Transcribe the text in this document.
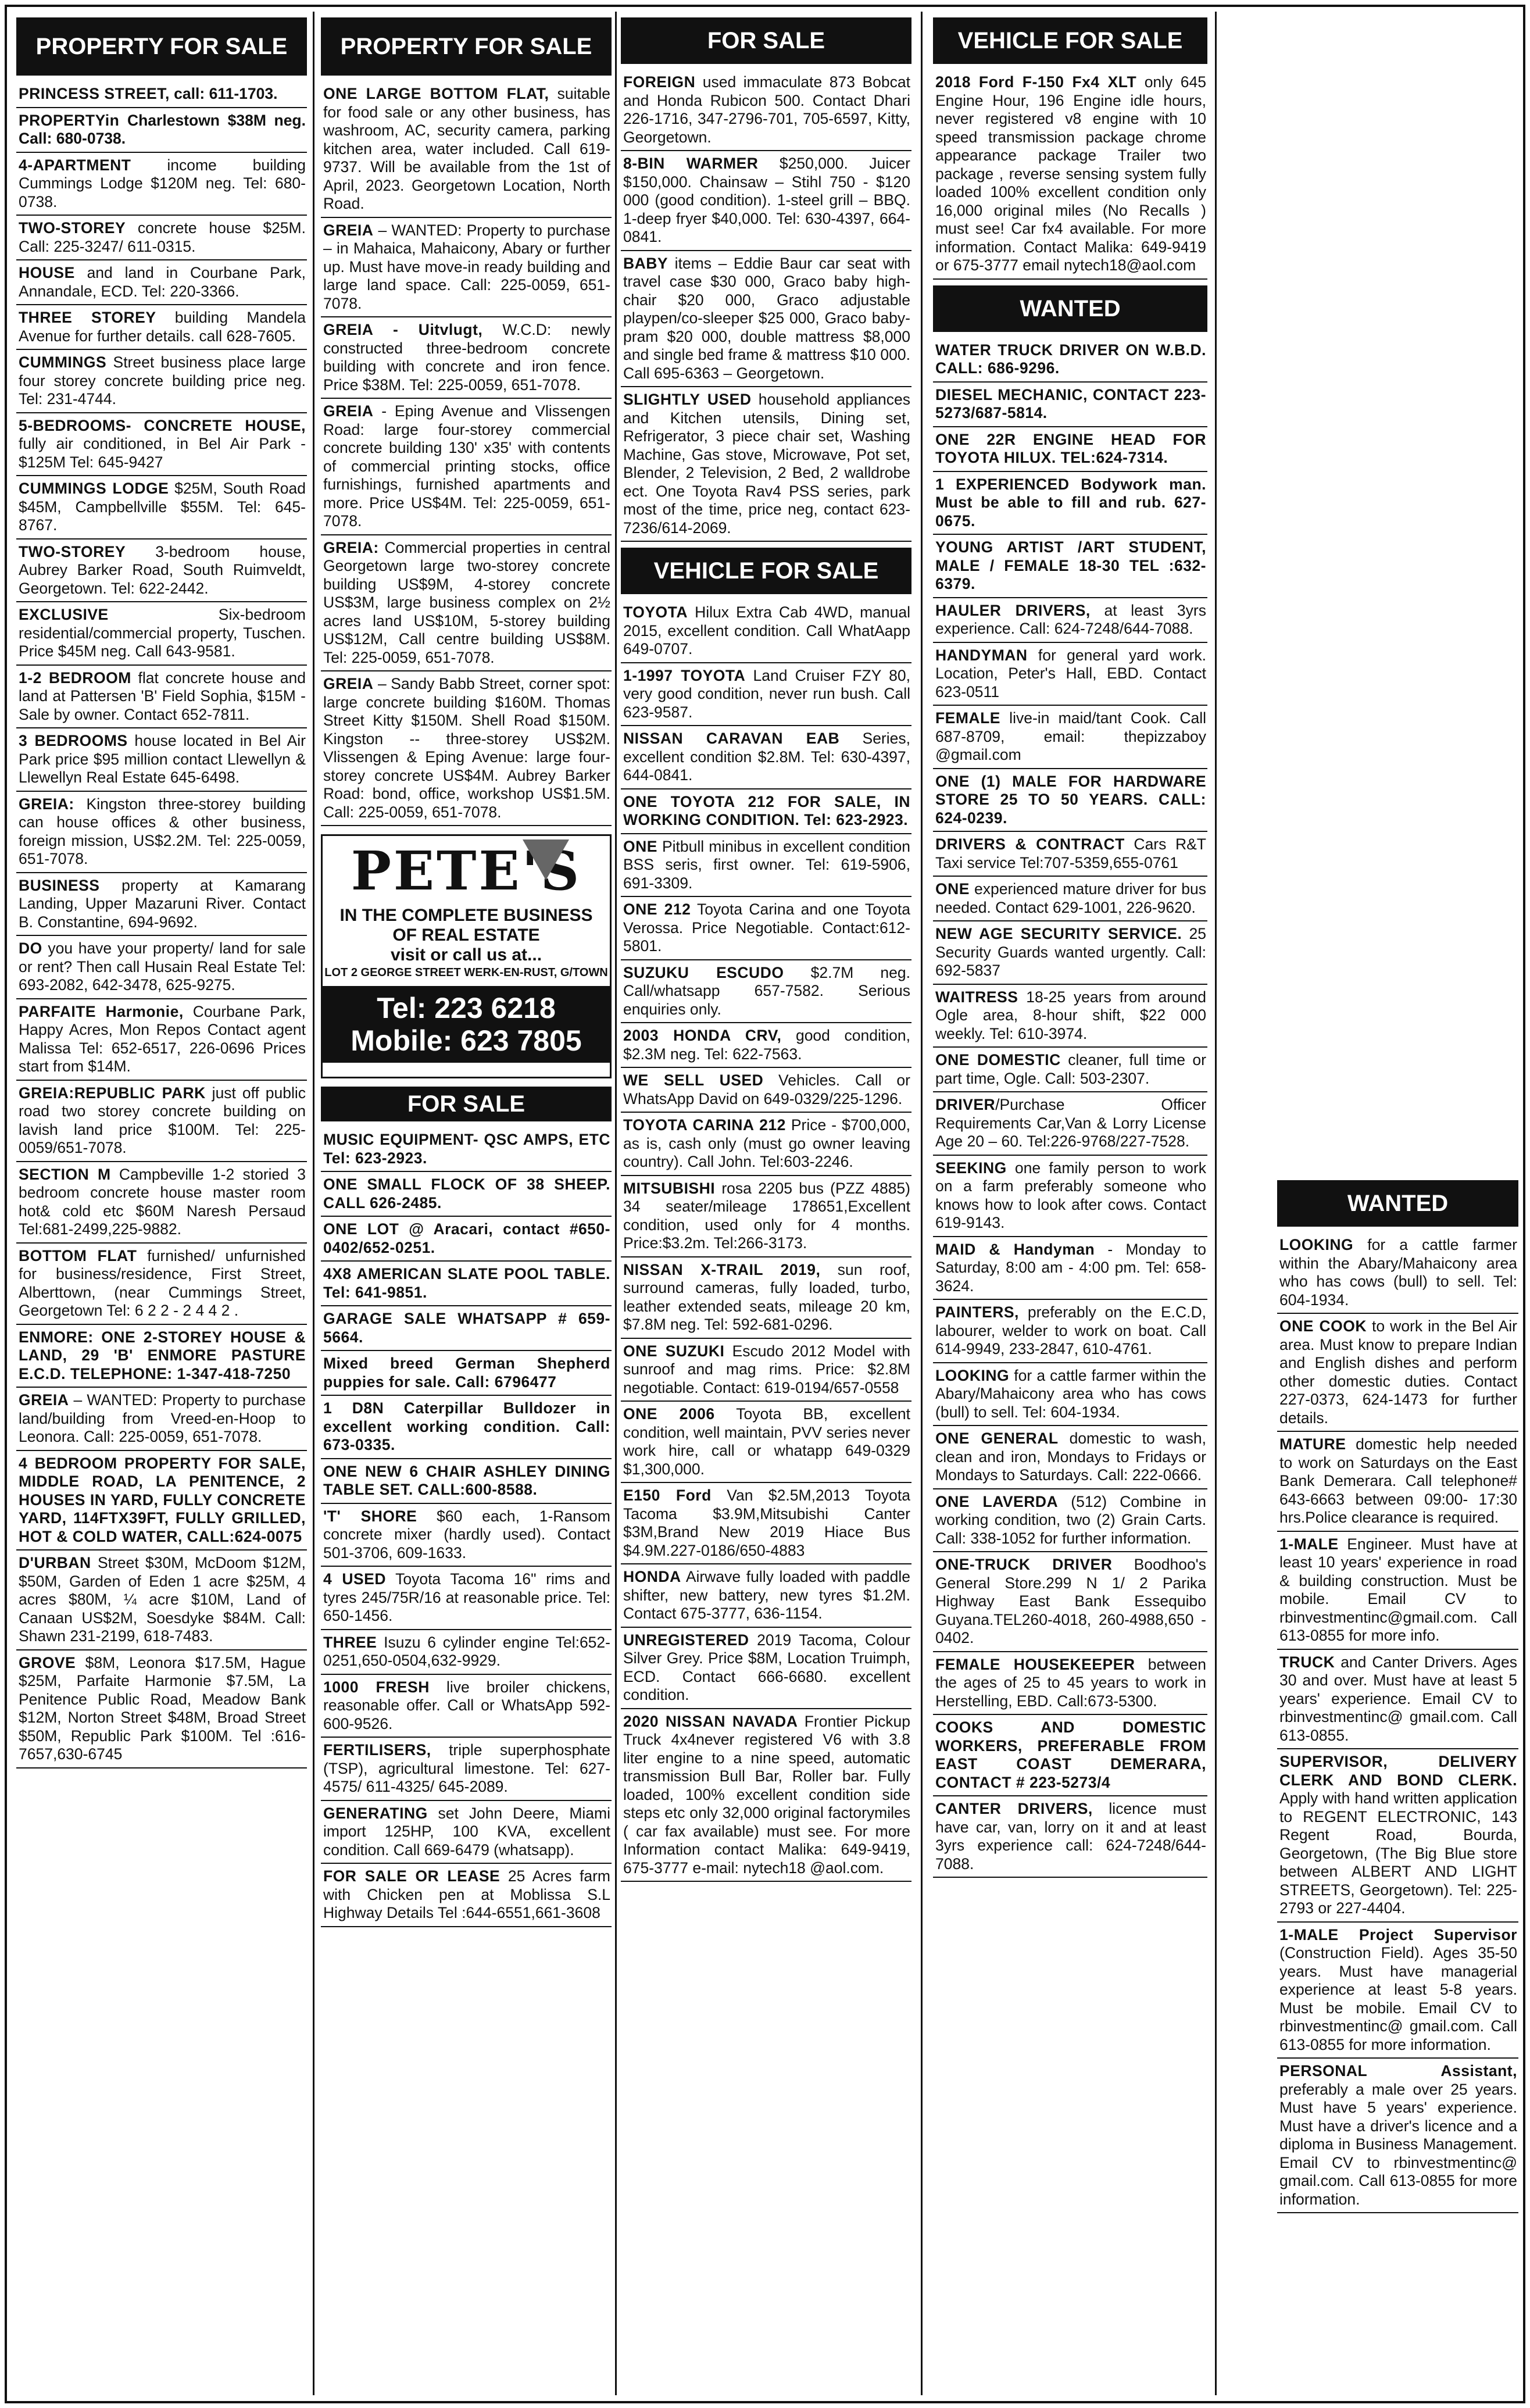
PROPERTY FOR SALE
PRINCESS STREET, call: 611-1703.
PROPERTYin Charlestown $38M neg. Call: 680-0738.
4-APARTMENT income building Cummings Lodge $120M neg. Tel: 680-0738.
TWO-STOREY concrete house $25M. Call: 225-3247/ 611-0315.
HOUSE and land in Courbane Park, Annandale, ECD. Tel: 220-3366.
THREE STOREY building Mandela Avenue for further details. call 628-7605.
CUMMINGS Street business place large four storey concrete building price neg. Tel: 231-4744.
5-BEDROOMS- CONCRETE HOUSE, fully air conditioned, in Bel Air Park - $125M Tel: 645-9427
CUMMINGS LODGE $25M, South Road $45M, Campbellville $55M. Tel: 645-8767.
TWO-STOREY 3-bedroom house, Aubrey Barker Road, South Ruimveldt, Georgetown. Tel: 622-2442.
EXCLUSIVE Six-bedroom residential/commercial property, Tuschen. Price $45M neg. Call 643-9581.
1-2 BEDROOM flat concrete house and land at Pattersen 'B' Field Sophia, $15M - Sale by owner. Contact 652-7811.
3 BEDROOMS house located in Bel Air Park price $95 million contact Llewellyn & Llewellyn Real Estate 645-6498.
GREIA: Kingston three-storey building can house offices & other business, foreign mission, US$2.2M. Tel: 225-0059, 651-7078.
BUSINESS property at Kamarang Landing, Upper Mazaruni River. Contact B. Constantine, 694-9692.
DO you have your property/ land for sale or rent? Then call Husain Real Estate Tel: 693-2082, 642-3478, 625-9275.
PARFAITE Harmonie, Courbane Park, Happy Acres, Mon Repos Contact agent Malissa Tel: 652-6517, 226-0696 Prices start from $14M.
GREIA:REPUBLIC PARK just off public road two storey concrete building on lavish land price $100M. Tel: 225-0059/651-7078.
SECTION M Campbeville 1-2 storied 3 bedroom concrete house master room hot& cold etc $60M Naresh Persaud Tel:681-2499,225-9882.
BOTTOM FLAT furnished/ unfurnished for business/residence, First Street, Alberttown, (near Cummings Street, Georgetown Tel: 6 2 2 - 2 4 4 2 .
ENMORE: ONE 2-STOREY HOUSE & LAND, 29 'B' ENMORE PASTURE E.C.D. TELEPHONE: 1-347-418-7250
GREIA – WANTED: Property to purchase land/building from Vreed-en-Hoop to Leonora. Call: 225-0059, 651-7078.
4 BEDROOM PROPERTY FOR SALE, MIDDLE ROAD, LA PENITENCE, 2 HOUSES IN YARD, FULLY CONCRETE YARD, 114FTX39FT, FULLY GRILLED, HOT & COLD WATER, CALL:624-0075
D'URBAN Street $30M, McDoom $12M, $50M, Garden of Eden 1 acre $25M, 4 acres $80M, ¼ acre $10M, Land of Canaan US$2M, Soesdyke $84M. Call: Shawn 231-2199, 618-7483.
GROVE $8M, Leonora $17.5M, Hague $25M, Parfaite Harmonie $7.5M, La Penitence Public Road, Meadow Bank $12M, Norton Street $48M, Broad Street $50M, Republic Park $100M. Tel :616-7657,630-6745
PROPERTY FOR SALE
ONE LARGE BOTTOM FLAT, suitable for food sale or any other business, has washroom, AC, security camera, parking kitchen area, water included. Call 619-9737. Will be available from the 1st of April, 2023. Georgetown Location, North Road.
GREIA – WANTED: Property to purchase – in Mahaica, Mahaicony, Abary or further up. Must have move-in ready building and large land space. Call: 225-0059, 651-7078.
GREIA - Uitvlugt, W.C.D: newly constructed three-bedroom concrete building with concrete and iron fence. Price $38M. Tel: 225-0059, 651-7078.
GREIA - Eping Avenue and Vlissengen Road: large four-storey commercial concrete building 130' x35' with contents of commercial printing stocks, office furnishings, furnished apartments and more. Price US$4M. Tel: 225-0059, 651-7078.
GREIA: Commercial properties in central Georgetown large two-storey concrete building US$9M, 4-storey concrete US$3M, large business complex on 2½ acres land US$10M, 5-storey building US$12M, Call centre building US$8M. Tel: 225-0059, 651-7078.
GREIA – Sandy Babb Street, corner spot: large concrete building $160M. Thomas Street Kitty $150M. Shell Road $150M. Kingston -- three-storey US$2M. Vlissengen & Eping Avenue: large four- storey concrete US$4M. Aubrey Barker Road: bond, office, workshop US$1.5M. Call: 225-0059, 651-7078.
PETE'S
IN THE COMPLETE BUSINESS OF REAL ESTATE
visit or call us at...
LOT 2 GEORGE STREET WERK-EN-RUST, G/TOWN
Tel: 223 6218
Mobile: 623 7805
FOR SALE
MUSIC EQUIPMENT- QSC AMPS, ETC Tel: 623-2923.
ONE SMALL FLOCK OF 38 SHEEP. CALL 626-2485.
ONE LOT @ Aracari, contact #650-0402/652-0251.
4X8 AMERICAN SLATE POOL TABLE. Tel: 641-9851.
GARAGE SALE WHATSAPP # 659-5664.
Mixed breed German Shepherd puppies for sale. Call: 6796477
1 D8N Caterpillar Bulldozer in excellent working condition. Call: 673-0335.
ONE NEW 6 CHAIR ASHLEY DINING TABLE SET. CALL:600-8588.
'T' SHORE $60 each, 1-Ransom concrete mixer (hardly used). Contact 501-3706, 609-1633.
4 USED Toyota Tacoma 16" rims and tyres 245/75R/16 at reasonable price. Tel: 650-1456.
THREE Isuzu 6 cylinder engine Tel:652-0251,650-0504,632-9929.
1000 FRESH live broiler chickens, reasonable offer. Call or WhatsApp 592-600-9526.
FERTILISERS, triple superphosphate (TSP), agricultural limestone. Tel: 627-4575/ 611-4325/ 645-2089.
GENERATING set John Deere, Miami import 125HP, 100 KVA, excellent condition. Call 669-6479 (whatsapp).
FOR SALE OR LEASE 25 Acres farm with Chicken pen at Moblissa S.L Highway Details Tel :644-6551,661-3608
FOR SALE
FOREIGN used immaculate 873 Bobcat and Honda Rubicon 500. Contact Dhari 226-1716, 347-2796-701, 705-6597, Kitty, Georgetown.
8-BIN WARMER $250,000. Juicer $150,000. Chainsaw – Stihl 750 - $120 000 (good condition). 1-steel grill – BBQ. 1-deep fryer $40,000. Tel: 630-4397, 664-0841.
BABY items – Eddie Baur car seat with travel case $30 000, Graco baby high-chair $20 000, Graco adjustable playpen/co-sleeper $25 000, Graco baby-pram $20 000, double mattress $8,000 and single bed frame & mattress $10 000. Call 695-6363 – Georgetown.
SLIGHTLY USED household appliances and Kitchen utensils, Dining set, Refrigerator, 3 piece chair set, Washing Machine, Gas stove, Microwave, Pot set, Blender, 2 Television, 2 Bed, 2 walldrobe ect. One Toyota Rav4 PSS series, park most of the time, price neg, contact 623-7236/614-2069.
VEHICLE FOR SALE
TOYOTA Hilux Extra Cab 4WD, manual 2015, excellent condition. Call WhatAapp 649-0707.
1-1997 TOYOTA Land Cruiser FZY 80, very good condition, never run bush. Call 623-9587.
NISSAN CARAVAN EAB Series, excellent condition $2.8M. Tel: 630-4397, 644-0841.
ONE TOYOTA 212 FOR SALE, IN WORKING CONDITION. Tel: 623-2923.
ONE Pitbull minibus in excellent condition BSS seris, first owner. Tel: 619-5906, 691-3309.
ONE 212 Toyota Carina and one Toyota Verossa. Price Negotiable. Contact:612-5801.
SUZUKU ESCUDO $2.7M neg. Call/whatsapp 657-7582. Serious enquiries only.
2003 HONDA CRV, good condition, $2.3M neg. Tel: 622-7563.
WE SELL USED Vehicles. Call or WhatsApp David on 649-0329/225-1296.
TOYOTA CARINA 212 Price - $700,000, as is, cash only (must go owner leaving country). Call John. Tel:603-2246.
MITSUBISHI rosa 2205 bus (PZZ 4885) 34 seater/mileage 178651,Excellent condition, used only for 4 months. Price:$3.2m. Tel:266-3173.
NISSAN X-TRAIL 2019, sun roof, surround cameras, fully loaded, turbo, leather extended seats, mileage 20 km, $7.8M neg. Tel: 592-681-0296.
ONE SUZUKI Escudo 2012 Model with sunroof and mag rims. Price: $2.8M negotiable. Contact: 619-0194/657-0558
ONE 2006 Toyota BB, excellent condition, well maintain, PVV series never work hire, call or whatapp 649-0329 $1,300,000.
E150 Ford Van $2.5M,2013 Toyota Tacoma $3.9M,Mitsubishi Canter $3M,Brand New 2019 Hiace Bus $4.9M.227-0186/650-4883
HONDA Airwave fully loaded with paddle shifter, new battery, new tyres $1.2M. Contact 675-3777, 636-1154.
UNREGISTERED 2019 Tacoma, Colour Silver Grey. Price $8M, Location Truimph, ECD. Contact 666-6680. excellent condition.
2020 NISSAN NAVADA Frontier Pickup Truck 4x4never registered V6 with 3.8 liter engine to a nine speed, automatic transmission Bull Bar, Roller bar. Fully loaded, 100% excellent condition side steps etc only 32,000 original factorymiles ( car fax available) must see. For more Information contact Malika: 649-9419, 675-3777 e-mail: nytech18 @aol.com.
VEHICLE FOR SALE
2018 Ford F-150 Fx4 XLT only 645 Engine Hour, 196 Engine idle hours, never registered v8 engine with 10 speed transmission package chrome appearance package Trailer two package , reverse sensing system fully loaded 100% excellent condition only 16,000 original miles (No Recalls ) must see! Car fx4 available. For more information. Contact Malika: 649-9419 or 675-3777 email nytech18@aol.com
WANTED
WATER TRUCK DRIVER ON W.B.D. CALL: 686-9296.
DIESEL MECHANIC, CONTACT 223-5273/687-5814.
ONE 22R ENGINE HEAD FOR TOYOTA HILUX. TEL:624-7314.
1 EXPERIENCED Bodywork man. Must be able to fill and rub. 627-0675.
YOUNG ARTIST /ART STUDENT, MALE / FEMALE 18-30 TEL :632-6379.
HAULER DRIVERS, at least 3yrs experience. Call: 624-7248/644-7088.
HANDYMAN for general yard work. Location, Peter's Hall, EBD. Contact 623-0511
FEMALE live-in maid/tant Cook. Call 687-8709, email: thepizzaboy @gmail.com
ONE (1) MALE FOR HARDWARE STORE 25 TO 50 YEARS. CALL: 624-0239.
DRIVERS & CONTRACT Cars R&T Taxi service Tel:707-5359,655-0761
ONE experienced mature driver for bus needed. Contact 629-1001, 226-9620.
NEW AGE SECURITY SERVICE. 25 Security Guards wanted urgently. Call: 692-5837
WAITRESS 18-25 years from around Ogle area, 8-hour shift, $22 000 weekly. Tel: 610-3974.
ONE DOMESTIC cleaner, full time or part time, Ogle. Call: 503-2307.
DRIVER/Purchase Officer Requirements Car,Van & Lorry License Age 20 – 60. Tel:226-9768/227-7528.
SEEKING one family person to work on a farm preferably someone who knows how to look after cows. Contact 619-9143.
MAID & Handyman - Monday to Saturday, 8:00 am - 4:00 pm. Tel: 658-3624.
PAINTERS, preferably on the E.C.D, labourer, welder to work on boat. Call 614-9949, 233-2847, 610-4761.
LOOKING for a cattle farmer within the Abary/Mahaicony area who has cows (bull) to sell. Tel: 604-1934.
ONE GENERAL domestic to wash, clean and iron, Mondays to Fridays or Mondays to Saturdays. Call: 222-0666.
ONE LAVERDA (512) Combine in working condition, two (2) Grain Carts. Call: 338-1052 for further information.
ONE-TRUCK DRIVER Boodhoo's General Store.299 N 1/ 2 Parika Highway East Bank Essequibo Guyana.TEL260-4018, 260-4988,650 - 0402.
FEMALE HOUSEKEEPER between the ages of 25 to 45 years to work in Herstelling, EBD. Call:673-5300.
COOKS AND DOMESTIC WORKERS, PREFERABLE FROM EAST COAST DEMERARA, CONTACT # 223-5273/4
CANTER DRIVERS, licence must have car, van, lorry on it and at least 3yrs experience call: 624-7248/644-7088.
WANTED
LOOKING for a cattle farmer within the Abary/Mahaicony area who has cows (bull) to sell. Tel: 604-1934.
ONE COOK to work in the Bel Air area. Must know to prepare Indian and English dishes and perform other domestic duties. Contact 227-0373, 624-1473 for further details.
MATURE domestic help needed to work on Saturdays on the East Bank Demerara. Call telephone# 643-6663 between 09:00- 17:30 hrs.Police clearance is required.
1-MALE Engineer. Must have at least 10 years' experience in road & building construction. Must be mobile. Email CV to rbinvestmentinc@gmail.com. Call 613-0855 for more info.
TRUCK and Canter Drivers. Ages 30 and over. Must have at least 5 years' experience. Email CV to rbinvestmentinc@ gmail.com. Call 613-0855.
SUPERVISOR, DELIVERY CLERK AND BOND CLERK. Apply with hand written application to REGENT ELECTRONIC, 143 Regent Road, Bourda, Georgetown, (The Big Blue store between ALBERT AND LIGHT STREETS, Georgetown). Tel: 225-2793 or 227-4404.
1-MALE Project Supervisor (Construction Field). Ages 35-50 years. Must have managerial experience at least 5-8 years. Must be mobile. Email CV to rbinvestmentinc@ gmail.com. Call 613-0855 for more information.
PERSONAL Assistant, preferably a male over 25 years. Must have 5 years' experience. Must have a driver's licence and a diploma in Business Management. Email CV to rbinvestmentinc@ gmail.com. Call 613-0855 for more information.
